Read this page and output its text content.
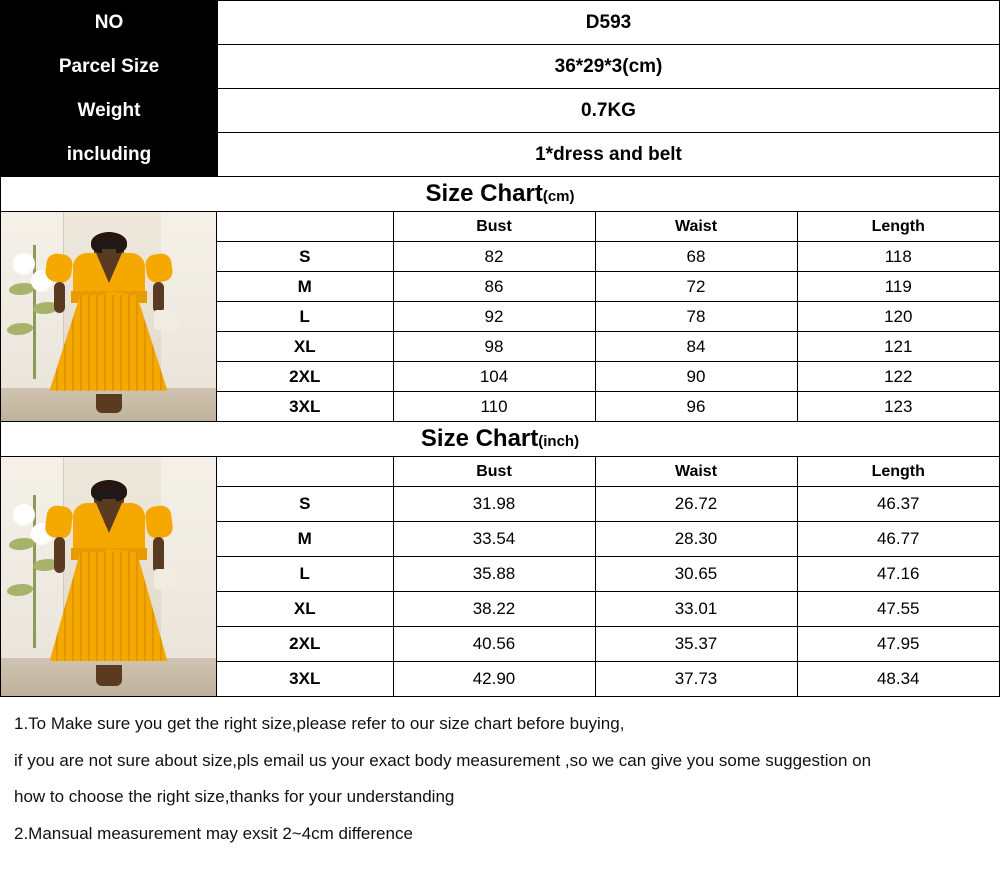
NO	D593
Parcel Size	36*29*3(cm)
Weight	0.7KG
including	1*dress and belt
Size Chart(cm)
	Bust	Waist	Length
S	82	68	118
M	86	72	119
L	92	78	120
XL	98	84	121
2XL	104	90	122
3XL	110	96	123
Size Chart(inch)
	Bust	Waist	Length
S	31.98	26.72	46.37
M	33.54	28.30	46.77
L	35.88	30.65	47.16
XL	38.22	33.01	47.55
2XL	40.56	35.37	47.95
3XL	42.90	37.73	48.34

1.To Make sure you get the right size,please refer to our size chart before buying,

if you are not sure about size,pls email us your exact body measurement ,so we can give you some suggestion on

how to choose the right size,thanks for your understanding

2.Mansual measurement may exsit 2~4cm difference
